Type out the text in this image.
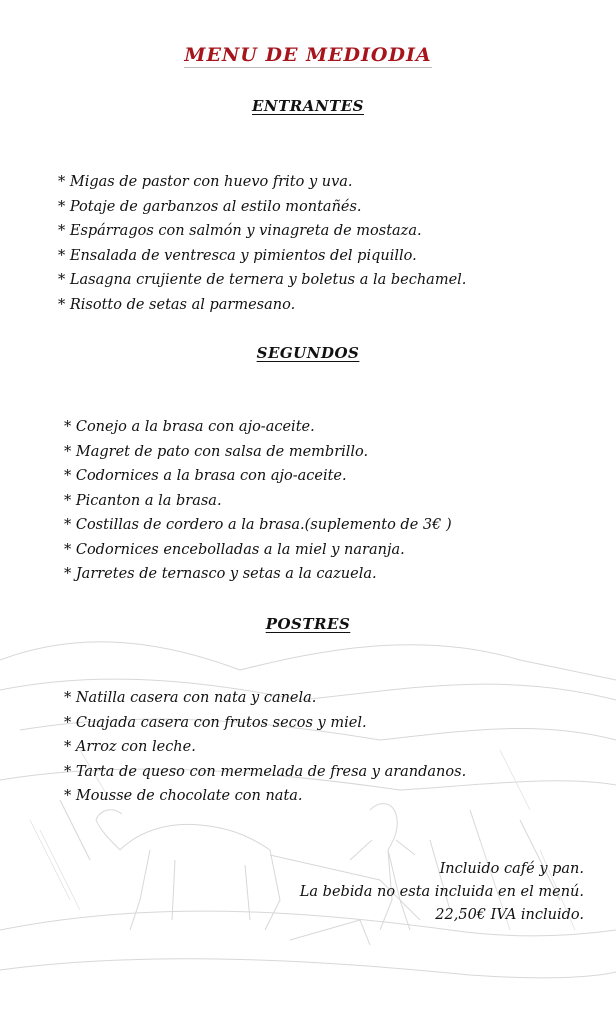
MENU DE MEDIODIA
ENTRANTES
* Migas de pastor con huevo frito y uva.
* Potaje de garbanzos al estilo montañés.
* Espárragos con salmón y vinagreta de mostaza.
* Ensalada de ventresca y pimientos del piquillo.
* Lasagna crujiente de ternera y boletus a la bechamel.
* Risotto de setas al parmesano.
SEGUNDOS
* Conejo a la brasa con ajo-aceite.
* Magret de pato con salsa de membrillo.
* Codornices a la brasa con ajo-aceite.
* Picanton a la brasa.
* Costillas de cordero a la brasa.(suplemento de 3€ )
* Codornices encebolladas a la miel y naranja.
* Jarretes de ternasco y setas a la cazuela.
POSTRES
* Natilla casera con nata y canela.
* Cuajada casera con frutos secos y miel.
* Arroz con leche.
* Tarta de queso con mermelada de fresa y arandanos.
* Mousse de chocolate con nata.
Incluido café y pan.
La bebida no esta incluida en el menú.
22,50€ IVA incluido.
